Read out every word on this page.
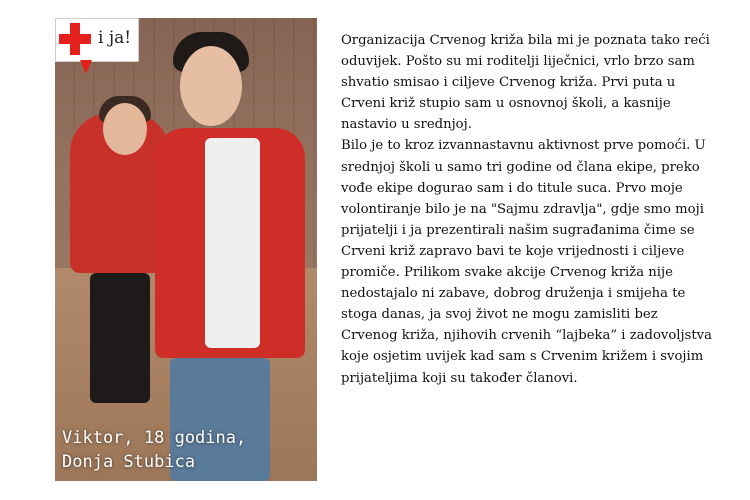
i ja!
Viktor, 18 godina,
Donja Stubica

Organizacija Crvenog križa bila mi je poznata tako reći oduvijek. Pošto su mi roditelji liječnici, vrlo brzo sam shvatio smisao i ciljeve Crvenog križa. Prvi puta u Crveni križ stupio sam u osnovnoj školi, a kasnije nastavio u srednjoj.

Bilo je to kroz izvannastavnu aktivnost prve pomoći. U srednjoj školi u samo tri godine od člana ekipe, preko vođe ekipe dogurao sam i do titule suca. Prvo moje volontiranje bilo je na "Sajmu zdravlja", gdje smo moji prijatelji i ja prezentirali našim sugrađanima čime se Crveni križ zapravo bavi te koje vrijednosti i ciljeve promiče. Prilikom svake akcije Crvenog križa nije nedostajalo ni zabave, dobrog druženja i smijeha te stoga danas, ja svoj život ne mogu zamisliti bez Crvenog križa, njihovih crvenih “lajbeka” i zadovoljstva koje osjetim uvijek kad sam s Crvenim križem i svojim prijateljima koji su također članovi.
